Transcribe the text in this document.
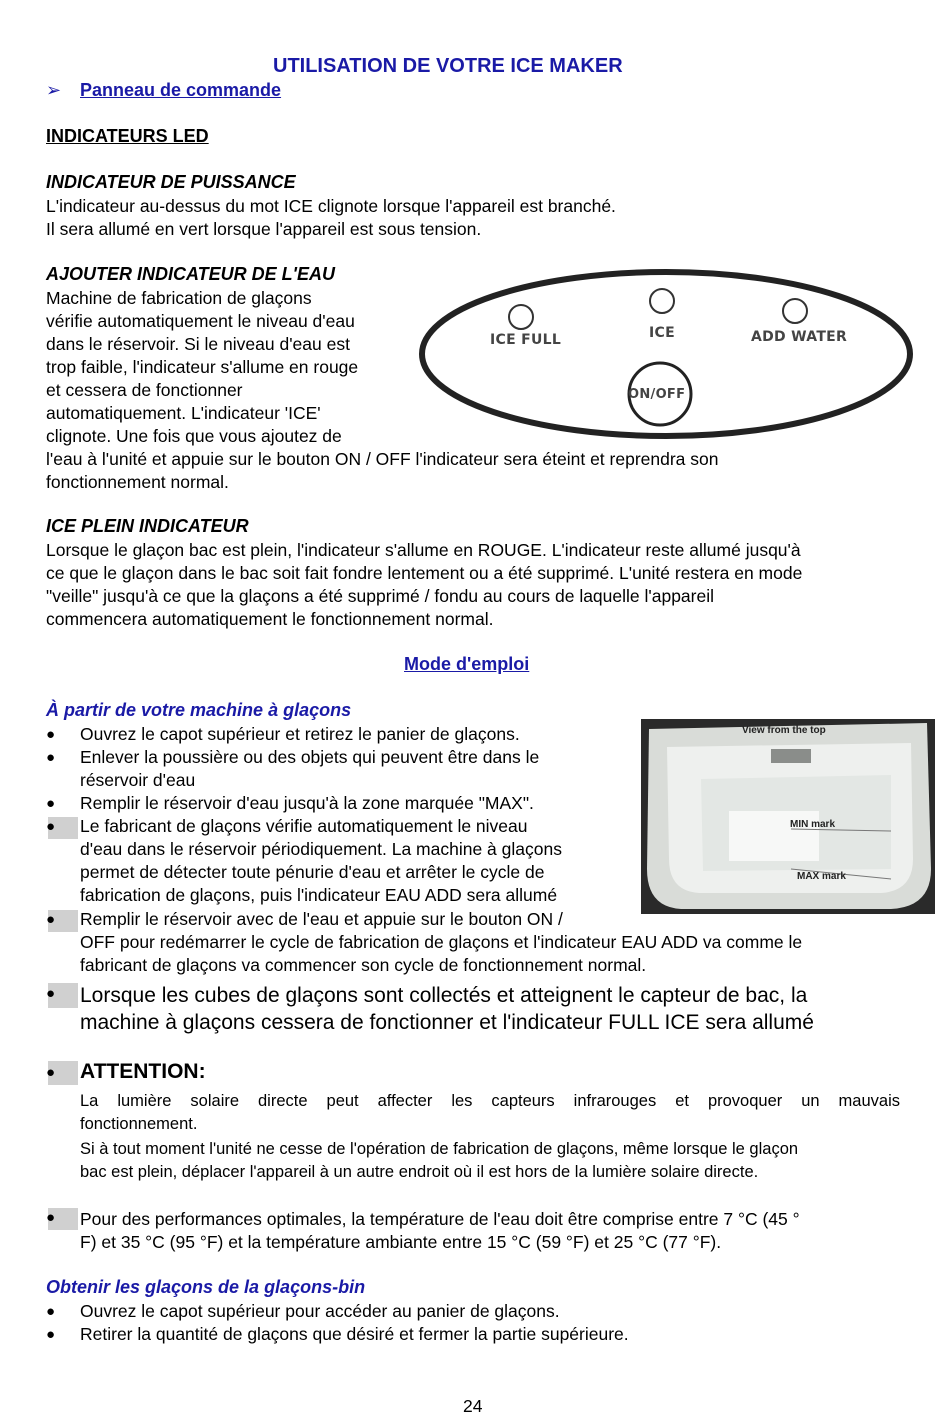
UTILISATION DE VOTRE ICE MAKER
➢ Panneau de commande
INDICATEURS LED
INDICATEUR DE PUISSANCE
L'indicateur au-dessus du mot ICE clignote lorsque l'appareil est branché.
Il sera allumé en vert lorsque l'appareil est sous tension.
AJOUTER INDICATEUR DE L'EAU
Machine de fabrication de glaçons
vérifie automatiquement le niveau d'eau
dans le réservoir. Si le niveau d'eau est
trop faible, l'indicateur s'allume en rouge
et cessera de fonctionner
automatiquement. L'indicateur 'ICE'
clignote. Une fois que vous ajoutez de
l'eau à l'unité et appuie sur le bouton ON / OFF l'indicateur sera éteint et reprendra son
fonctionnement normal.
ICE FULL	ICE	ADD WATER
ON/OFF
ICE PLEIN INDICATEUR
Lorsque le glaçon bac est plein, l'indicateur s'allume en ROUGE. L'indicateur reste allumé jusqu'à
ce que le glaçon dans le bac soit fait fondre lentement ou a été supprimé. L'unité restera en mode
"veille" jusqu'à ce que la glaçons a été supprimé / fondu au cours de laquelle l'appareil
commencera automatiquement le fonctionnement normal.
Mode d'emploi
À partir de votre machine à glaçons
● Ouvrez le capot supérieur et retirez le panier de glaçons.
● Enlever la poussière ou des objets qui peuvent être dans le
réservoir d'eau
● Remplir le réservoir d'eau jusqu'à la zone marquée "MAX".
● Le fabricant de glaçons vérifie automatiquement le niveau
d'eau dans le réservoir périodiquement. La machine à glaçons
permet de détecter toute pénurie d'eau et arrêter le cycle de
fabrication de glaçons, puis l'indicateur EAU ADD sera allumé
● Remplir le réservoir avec de l'eau et appuie sur le bouton ON /
OFF pour redémarrer le cycle de fabrication de glaçons et l'indicateur EAU ADD va comme le
fabricant de glaçons va commencer son cycle de fonctionnement normal.
● Lorsque les cubes de glaçons sont collectés et atteignent le capteur de bac, la
machine à glaçons cessera de fonctionner et l'indicateur FULL ICE sera allumé
View from the top
MIN mark
MAX mark
● ATTENTION:
La lumière solaire directe peut affecter les capteurs infrarouges et provoquer un mauvais
fonctionnement.
Si à tout moment l'unité ne cesse de l'opération de fabrication de glaçons, même lorsque le glaçon
bac est plein, déplacer l'appareil à un autre endroit où il est hors de la lumière solaire directe.
● Pour des performances optimales, la température de l'eau doit être comprise entre 7 °C (45 °
F) et 35 °C (95 °F) et la température ambiante entre 15 °C (59 °F) et 25 °C (77 °F).
Obtenir les glaçons de la glaçons-bin
● Ouvrez le capot supérieur pour accéder au panier de glaçons.
● Retirer la quantité de glaçons que désiré et fermer la partie supérieure.
24
